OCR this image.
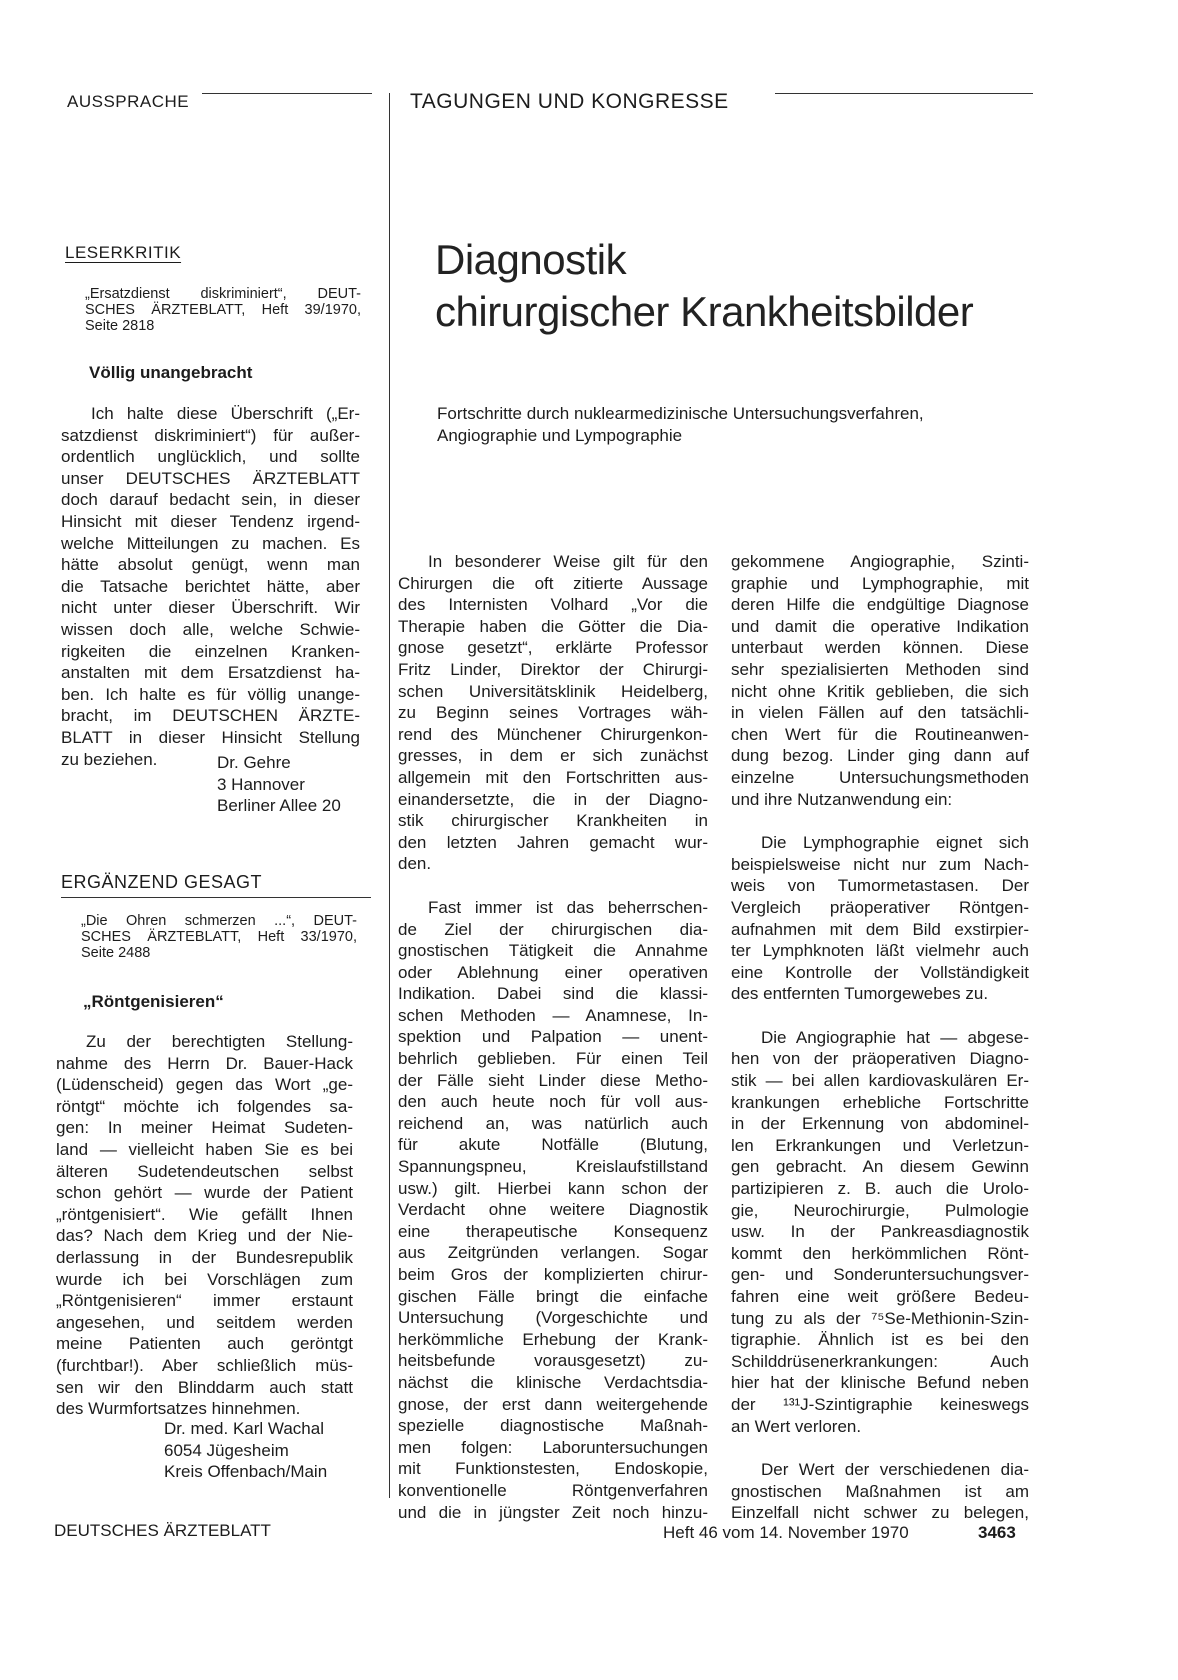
AUSSPRACHE	TAGUNGEN UND KONGRESSE
LESERKRITIK
„Ersatzdienst diskriminiert“, DEUT-
SCHES ÄRZTEBLATT, Heft 39/1970,
Seite 2818
Völlig unangebracht
Ich halte diese Überschrift („Er-
satzdienst diskriminiert“) für außer-
ordentlich unglücklich, und sollte
unser DEUTSCHES ÄRZTEBLATT
doch darauf bedacht sein, in dieser
Hinsicht mit dieser Tendenz irgend-
welche Mitteilungen zu machen. Es
hätte absolut genügt, wenn man
die Tatsache berichtet hätte, aber
nicht unter dieser Überschrift. Wir
wissen doch alle, welche Schwie-
rigkeiten die einzelnen Kranken-
anstalten mit dem Ersatzdienst ha-
ben. Ich halte es für völlig unange-
bracht, im DEUTSCHEN ÄRZTE-
BLATT in dieser Hinsicht Stellung
zu beziehen.	Dr. Gehre
3 Hannover
Berliner Allee 20
ERGÄNZEND GESAGT
„Die Ohren schmerzen ...“, DEUT-
SCHES ÄRZTEBLATT, Heft 33/1970,
Seite 2488
„Röntgenisieren“
Zu der berechtigten Stellung-
nahme des Herrn Dr. Bauer-Hack
(Lüdenscheid) gegen das Wort „ge-
röntgt“ möchte ich folgendes sa-
gen: In meiner Heimat Sudeten-
land — vielleicht haben Sie es bei
älteren Sudetendeutschen selbst
schon gehört — wurde der Patient
„röntgenisiert“. Wie gefällt Ihnen
das? Nach dem Krieg und der Nie-
derlassung in der Bundesrepublik
wurde ich bei Vorschlägen zum
„Röntgenisieren“ immer erstaunt
angesehen, und seitdem werden
meine Patienten auch geröntgt
(furchtbar!). Aber schließlich müs-
sen wir den Blinddarm auch statt
des Wurmfortsatzes hinnehmen.
Dr. med. Karl Wachal
6054 Jügesheim
Kreis Offenbach/Main
Diagnostik
chirurgischer Krankheitsbilder
Fortschritte durch nuklearmedizinische Untersuchungsverfahren,
Angiographie und Lympographie
In besonderer Weise gilt für den
Chirurgen die oft zitierte Aussage
des Internisten Volhard „Vor die
Therapie haben die Götter die Dia-
gnose gesetzt“, erklärte Professor
Fritz Linder, Direktor der Chirurgi-
schen Universitätsklinik Heidelberg,
zu Beginn seines Vortrages wäh-
rend des Münchener Chirurgenkon-
gresses, in dem er sich zunächst
allgemein mit den Fortschritten aus-
einandersetzte, die in der Diagno-
stik chirurgischer Krankheiten in
den letzten Jahren gemacht wur-
den.
Fast immer ist das beherrschen-
de Ziel der chirurgischen dia-
gnostischen Tätigkeit die Annahme
oder Ablehnung einer operativen
Indikation. Dabei sind die klassi-
schen Methoden — Anamnese, In-
spektion und Palpation — unent-
behrlich geblieben. Für einen Teil
der Fälle sieht Linder diese Metho-
den auch heute noch für voll aus-
reichend an, was natürlich auch
für akute Notfälle (Blutung,
Spannungspneu, Kreislaufstillstand
usw.) gilt. Hierbei kann schon der
Verdacht ohne weitere Diagnostik
eine therapeutische Konsequenz
aus Zeitgründen verlangen. Sogar
beim Gros der komplizierten chirur-
gischen Fälle bringt die einfache
Untersuchung (Vorgeschichte und
herkömmliche Erhebung der Krank-
heitsbefunde vorausgesetzt) zu-
nächst die klinische Verdachtsdia-
gnose, der erst dann weitergehende
spezielle diagnostische Maßnah-
men folgen: Laboruntersuchungen
mit Funktionstesten, Endoskopie,
konventionelle Röntgenverfahren
und die in jüngster Zeit noch hinzu-
gekommene Angiographie, Szinti-
graphie und Lymphographie, mit
deren Hilfe die endgültige Diagnose
und damit die operative Indikation
unterbaut werden können. Diese
sehr spezialisierten Methoden sind
nicht ohne Kritik geblieben, die sich
in vielen Fällen auf den tatsächli-
chen Wert für die Routineanwen-
dung bezog. Linder ging dann auf
einzelne Untersuchungsmethoden
und ihre Nutzanwendung ein:
Die Lymphographie eignet sich
beispielsweise nicht nur zum Nach-
weis von Tumormetastasen. Der
Vergleich präoperativer Röntgen-
aufnahmen mit dem Bild exstirpier-
ter Lymphknoten läßt vielmehr auch
eine Kontrolle der Vollständigkeit
des entfernten Tumorgewebes zu.
Die Angiographie hat — abgese-
hen von der präoperativen Diagno-
stik — bei allen kardiovaskulären Er-
krankungen erhebliche Fortschritte
in der Erkennung von abdominel-
len Erkrankungen und Verletzun-
gen gebracht. An diesem Gewinn
partizipieren z. B. auch die Urolo-
gie, Neurochirurgie, Pulmologie
usw. In der Pankreasdiagnostik
kommt den herkömmlichen Rönt-
gen- und Sonderuntersuchungsver-
fahren eine weit größere Bedeu-
tung zu als der ⁷⁵Se-Methionin-Szin-
tigraphie. Ähnlich ist es bei den
Schilddrüsenerkrankungen: Auch
hier hat der klinische Befund neben
der ¹³¹J-Szintigraphie keineswegs
an Wert verloren.
Der Wert der verschiedenen dia-
gnostischen Maßnahmen ist am
Einzelfall nicht schwer zu belegen,
DEUTSCHES ÄRZTEBLATT	Heft 46 vom 14. November 1970	3463
